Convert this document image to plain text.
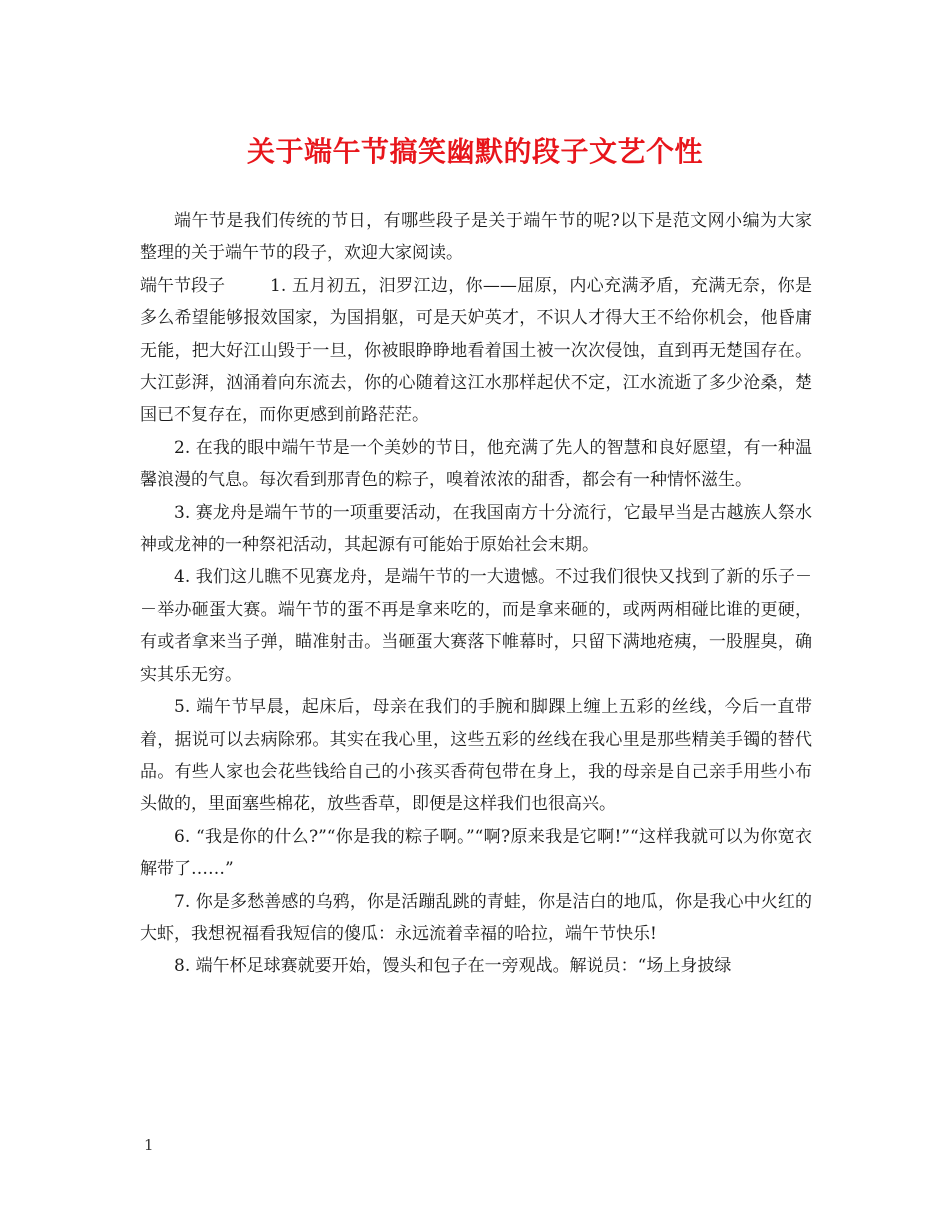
关于端午节搞笑幽默的段子文艺个性

端午节是我们传统的节日，有哪些段子是关于端午节的呢?以下是范文网小编为大家整理的关于端午节的段子，欢迎大家阅读。

端午节段子	1. 五月初五，汨罗江边，你——屈原，内心充满矛盾，充满无奈，你是多么希望能够报效国家，为国捐躯，可是天妒英才，不识人才得大王不给你机会，他昏庸无能，把大好江山毁于一旦，你被眼睁睁地看着国土被一次次侵蚀，直到再无楚国存在。大江彭湃，汹涌着向东流去，你的心随着这江水那样起伏不定，江水流逝了多少沧桑，楚国已不复存在，而你更感到前路茫茫。

2. 在我的眼中端午节是一个美妙的节日，他充满了先人的智慧和良好愿望，有一种温馨浪漫的气息。每次看到那青色的粽子，嗅着浓浓的甜香，都会有一种情怀滋生。

3. 赛龙舟是端午节的一项重要活动，在我国南方十分流行，它最早当是古越族人祭水神或龙神的一种祭祀活动，其起源有可能始于原始社会末期。

4. 我们这儿瞧不见赛龙舟，是端午节的一大遗憾。不过我们很快又找到了新的乐子－－举办砸蛋大赛。端午节的蛋不再是拿来吃的，而是拿来砸的，或两两相碰比谁的更硬，有或者拿来当子弹，瞄准射击。当砸蛋大赛落下帷幕时，只留下满地疮痍，一股腥臭，确实其乐无穷。

5. 端午节早晨，起床后，母亲在我们的手腕和脚踝上缠上五彩的丝线，今后一直带着，据说可以去病除邪。其实在我心里，这些五彩的丝线在我心里是那些精美手镯的替代品。有些人家也会花些钱给自己的小孩买香荷包带在身上，我的母亲是自己亲手用些小布头做的，里面塞些棉花，放些香草，即便是这样我们也很高兴。

6. “我是你的什么?”“你是我的粽子啊。”“啊?原来我是它啊!”“这样我就可以为你宽衣解带了……”

7. 你是多愁善感的乌鸦，你是活蹦乱跳的青蛙，你是洁白的地瓜，你是我心中火红的大虾，我想祝福看我短信的傻瓜：永远流着幸福的哈拉，端午节快乐!

8. 端午杯足球赛就要开始，馒头和包子在一旁观战。解说员：“场上身披绿

1
